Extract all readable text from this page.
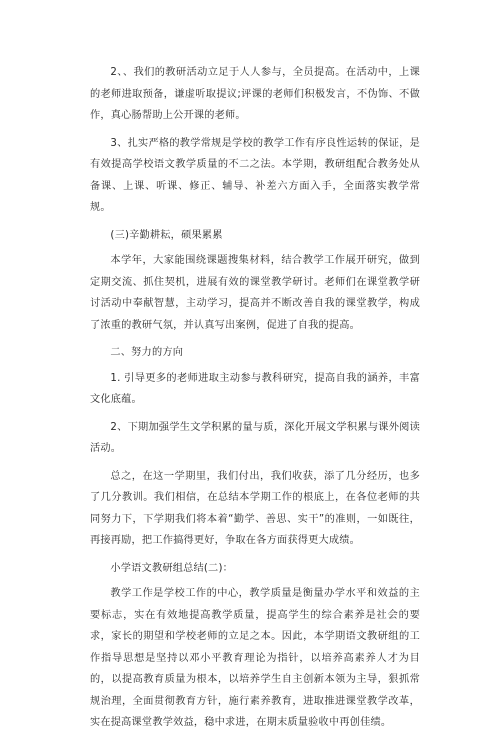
2、、我们的教研活动立足于人人参与，全员提高。在活动中，上课的老师进取预备，谦虚听取提议;评课的老师们积极发言，不伪饰、不做作，真心肠帮助上公开课的老师。

3、扎实严格的教学常规是学校的教学工作有序良性运转的保证，是有效提高学校语文教学质量的不二之法。本学期，教研组配合教务处从备课、上课、听课、修正、辅导、补差六方面入手，全面落实教学常规。

(三)辛勤耕耘，硕果累累

本学年，大家能围绕课题搜集材料，结合教学工作展开研究，做到定期交流、抓住契机，进展有效的课堂教学研讨。老师们在课堂教学研讨活动中奉献智慧，主动学习，提高并不断改善自我的课堂教学，构成了浓重的教研气氛，并认真写出案例，促进了自我的提高。

二、努力的方向

1. 引导更多的老师进取主动参与教科研究，提高自我的涵养，丰富文化底蕴。

2、下期加强学生文学积累的量与质，深化开展文学积累与课外阅读活动。

总之，在这一学期里，我们付出，我们收获，添了几分经历，也多了几分教训。我们相信，在总结本学期工作的根底上，在各位老师的共同努力下，下学期我们将本着“勤学、善思、实干”的准则，一如既往，再接再励，把工作搞得更好，争取在各方面获得更大成绩。

小学语文教研组总结(二)：

教学工作是学校工作的中心，教学质量是衡量办学水平和效益的主要标志，实在有效地提高教学质量，提高学生的综合素养是社会的要求，家长的期望和学校老师的立足之本。因此，本学期语文教研组的工作指导思想是坚持以邓小平教育理论为指针，以培养高素养人才为目的，以提高教育质量为根本，以培养学生自主创新本领为主导，狠抓常规治理，全面贯彻教育方针，施行素养教育，进取推进课堂教学改革，实在提高课堂教学效益，稳中求进，在期末质量验收中再创佳绩。
